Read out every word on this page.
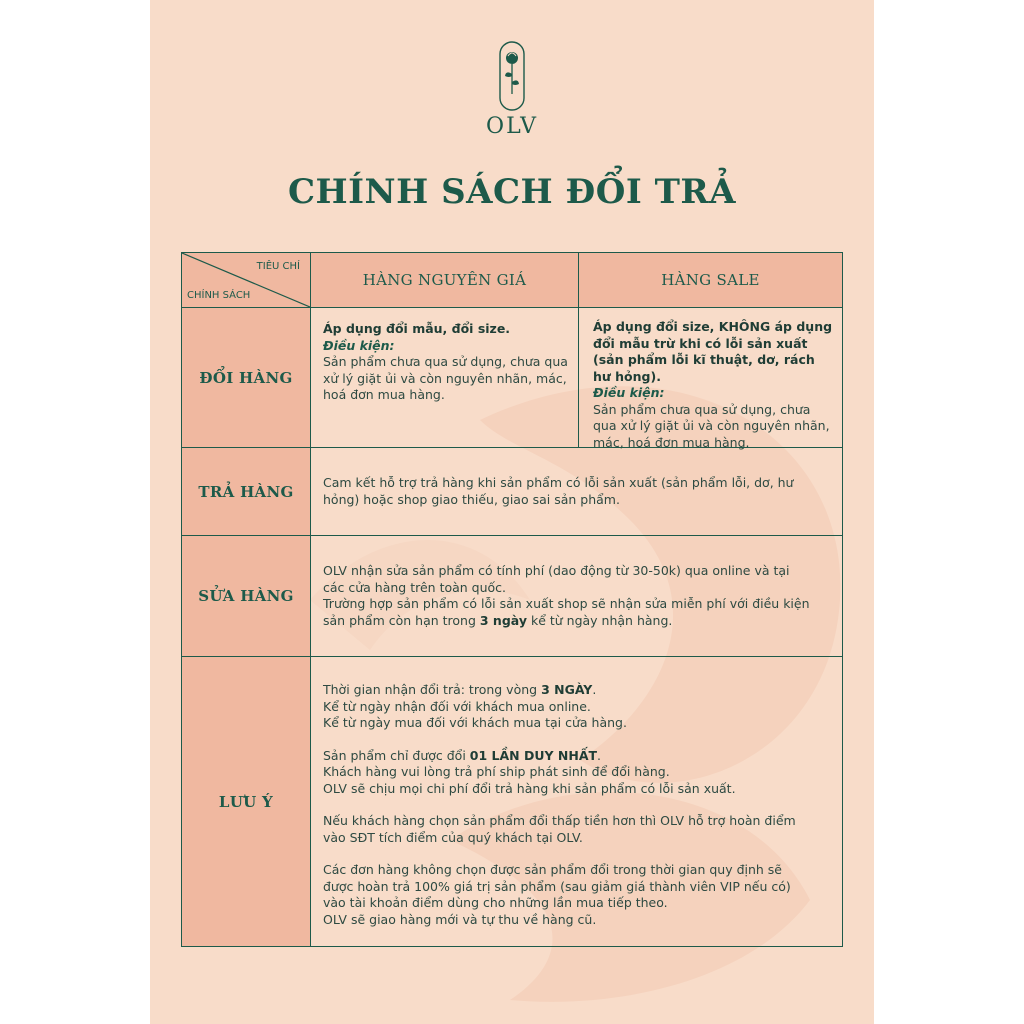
OLV
CHÍNH SÁCH ĐỔI TRẢ
TIÊU CHÍ
CHÍNH SÁCH
HÀNG NGUYÊN GIÁ	HÀNG SALE
ĐỔI HÀNG

Áp dụng đổi mẫu, đổi size.

Điều kiện:

Sản phẩm chưa qua sử dụng, chưa qua xử lý giặt ủi và còn nguyên nhãn, mác, hoá đơn mua hàng.

Áp dụng đổi size, KHÔNG áp dụng đổi mẫu trừ khi có lỗi sản xuất (sản phẩm lỗi kĩ thuật, dơ, rách hư hỏng).

Điều kiện:

Sản phẩm chưa qua sử dụng, chưa qua xử lý giặt ủi và còn nguyên nhãn, mác, hoá đơn mua hàng.

TRẢ HÀNG	Cam kết hỗ trợ trả hàng khi sản phẩm có lỗi sản xuất (sản phẩm lỗi, dơ, hư hỏng) hoặc shop giao thiếu, giao sai sản phẩm.

SỬA HÀNG

OLV nhận sửa sản phẩm có tính phí (dao động từ 30-50k) qua online và tại các cửa hàng trên toàn quốc.

Trường hợp sản phẩm có lỗi sản xuất shop sẽ nhận sửa miễn phí với điều kiện sản phẩm còn hạn trong 3 ngày kể từ ngày nhận hàng.

LƯU Ý

Thời gian nhận đổi trả: trong vòng 3 NGÀY.

Kể từ ngày nhận đối với khách mua online.

Kể từ ngày mua đối với khách mua tại cửa hàng.

Sản phẩm chỉ được đổi 01 LẦN DUY NHẤT.

Khách hàng vui lòng trả phí ship phát sinh để đổi hàng.

OLV sẽ chịu mọi chi phí đổi trả hàng khi sản phẩm có lỗi sản xuất.

Nếu khách hàng chọn sản phẩm đổi thấp tiền hơn thì OLV hỗ trợ hoàn điểm vào SĐT tích điểm của quý khách tại OLV.

Các đơn hàng không chọn được sản phẩm đổi trong thời gian quy định sẽ được hoàn trả 100% giá trị sản phẩm (sau giảm giá thành viên VIP nếu có) vào tài khoản điểm dùng cho những lần mua tiếp theo.

OLV sẽ giao hàng mới và tự thu về hàng cũ.
